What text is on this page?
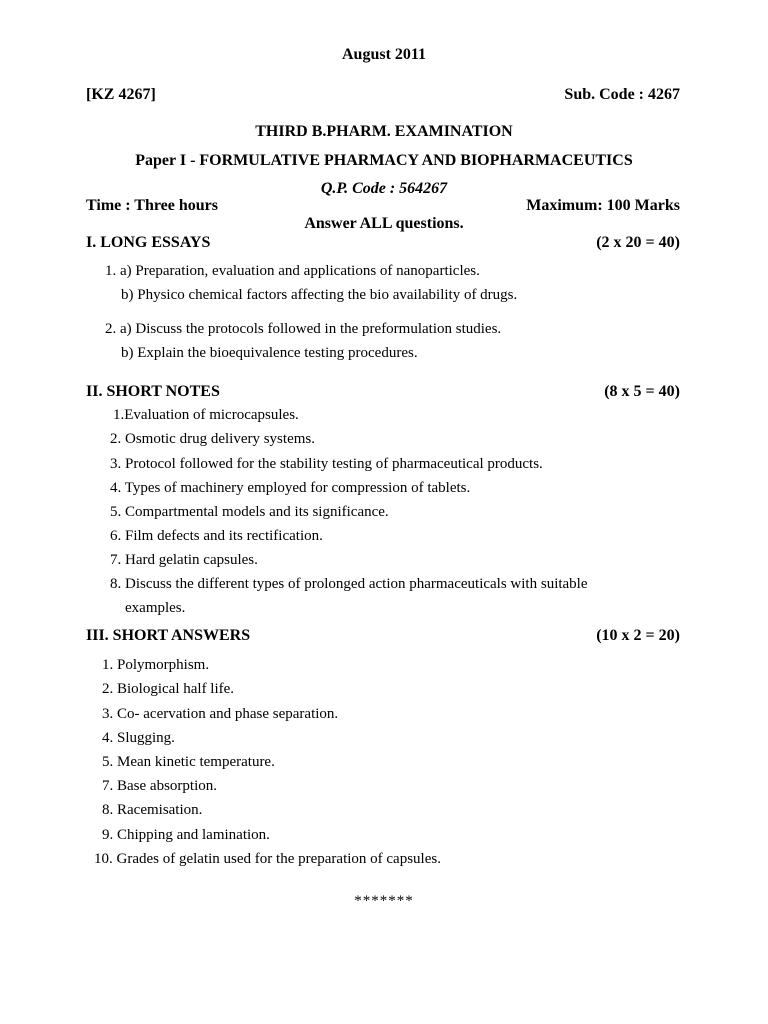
August 2011
[KZ 4267]	Sub. Code : 4267
THIRD B.PHARM. EXAMINATION
Paper I - FORMULATIVE PHARMACY AND BIOPHARMACEUTICS
Q.P. Code : 564267
Time : Three hours	Maximum: 100 Marks
Answer ALL questions.
I. LONG ESSAYS	(2 x 20 = 40)
1. a) Preparation, evaluation and applications of nanoparticles.
b) Physico chemical factors affecting the bio availability of drugs.
2. a) Discuss the protocols followed in the preformulation studies.
b) Explain the bioequivalence testing procedures.
II. SHORT NOTES	(8 x 5 = 40)
1.Evaluation of microcapsules.
2. Osmotic drug delivery systems.
3. Protocol followed for the stability testing of pharmaceutical products.
4. Types of machinery employed for compression of tablets.
5. Compartmental models and its significance.
6. Film defects and its rectification.
7. Hard gelatin capsules.
8. Discuss the different types of prolonged action pharmaceuticals with suitable
examples.
III. SHORT ANSWERS	(10 x 2 = 20)
1. Polymorphism.
2. Biological half life.
3. Co- acervation and phase separation.
4. Slugging.
5. Mean kinetic temperature.
7. Base absorption.
8. Racemisation.
9. Chipping and lamination.
10. Grades of gelatin used for the preparation of capsules.
*******
